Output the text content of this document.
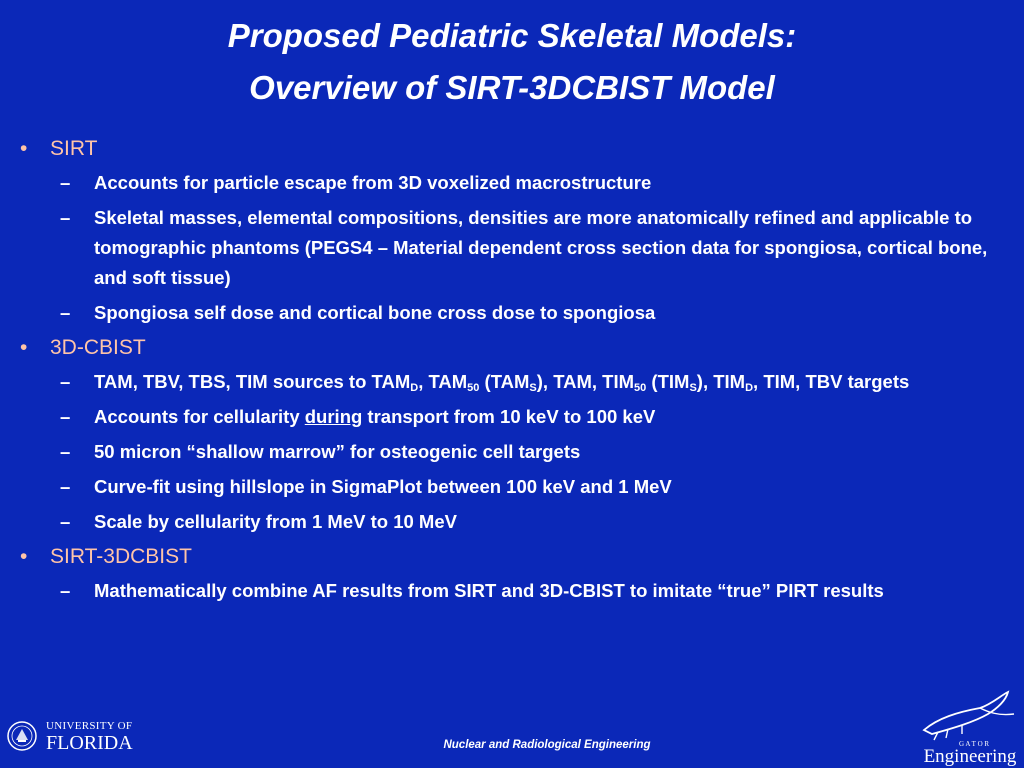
Proposed Pediatric Skeletal Models:
Overview of SIRT-3DCBIST Model
• SIRT
– Accounts for particle escape from 3D voxelized macrostructure
– Skeletal masses, elemental compositions, densities are more anatomically refined and applicable to tomographic phantoms (PEGS4 – Material dependent cross section data for spongiosa, cortical bone, and soft tissue)
– Spongiosa self dose and cortical bone cross dose to spongiosa
• 3D-CBIST
– TAM, TBV, TBS, TIM sources to $TAM_D$, $TAM_{50}$ $(TAM_S)$, TAM, $TIM_{50}$ $(TIM_S)$, $TIM_D$, TIM, TBV targets
– Accounts for cellularity during transport from 10 keV to 100 keV
– 50 micron “shallow marrow” for osteogenic cell targets
– Curve-fit using hillslope in SigmaPlot between 100 keV and 1 MeV
– Scale by cellularity from 1 MeV to 10 MeV
• SIRT-3DCBIST
– Mathematically combine AF results from SIRT and 3D-CBIST to imitate “true” PIRT results
UNIVERSITY OF
FLORIDA	Nuclear and Radiological Engineering	G A T O R
Engineering
